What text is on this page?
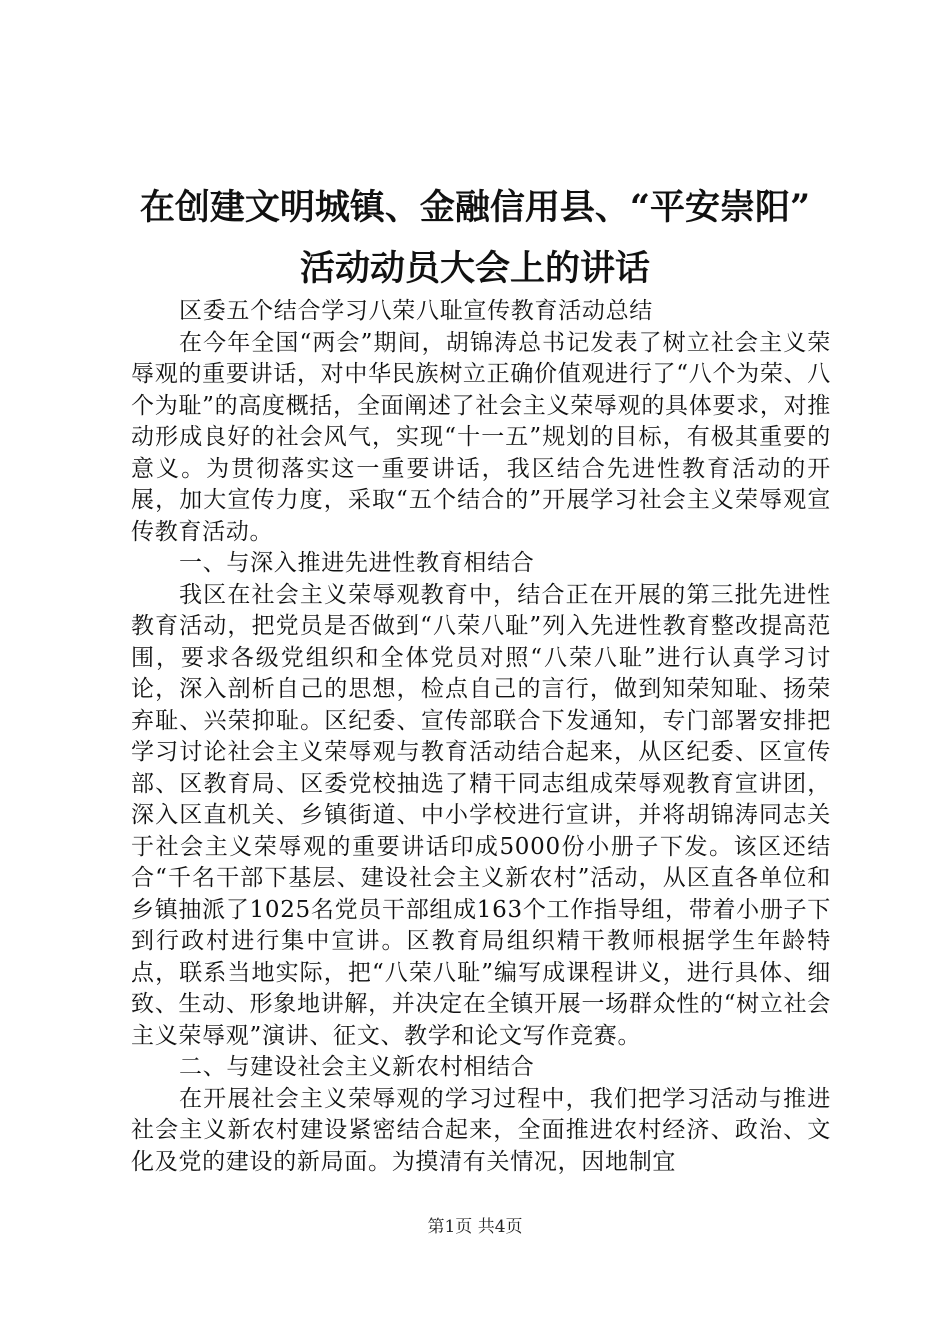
在创建文明城镇、金融信用县、“平安崇阳”
活动动员大会上的讲话

区委五个结合学习八荣八耻宣传教育活动总结

在今年全国“两会”期间，胡锦涛总书记发表了树立社会主义荣辱观的重要讲话，对中华民族树立正确价值观进行了“八个为荣、八个为耻”的高度概括，全面阐述了社会主义荣辱观的具体要求，对推动形成良好的社会风气，实现“十一五”规划的目标，有极其重要的意义。为贯彻落实这一重要讲话，我区结合先进性教育活动的开展，加大宣传力度，采取“五个结合的”开展学习社会主义荣辱观宣传教育活动。

一、与深入推进先进性教育相结合

我区在社会主义荣辱观教育中，结合正在开展的第三批先进性教育活动，把党员是否做到“八荣八耻”列入先进性教育整改提高范围，要求各级党组织和全体党员对照“八荣八耻”进行认真学习讨论，深入剖析自己的思想，检点自己的言行，做到知荣知耻、扬荣弃耻、兴荣抑耻。区纪委、宣传部联合下发通知，专门部署安排把学习讨论社会主义荣辱观与教育活动结合起来，从区纪委、区宣传部、区教育局、区委党校抽选了精干同志组成荣辱观教育宣讲团，深入区直机关、乡镇街道、中小学校进行宣讲，并将胡锦涛同志关于社会主义荣辱观的重要讲话印成5000份小册子下发。该区还结合“千名干部下基层、建设社会主义新农村”活动，从区直各单位和乡镇抽派了1025名党员干部组成163个工作指导组，带着小册子下到行政村进行集中宣讲。区教育局组织精干教师根据学生年龄特点，联系当地实际，把“八荣八耻”编写成课程讲义，进行具体、细致、生动、形象地讲解，并决定在全镇开展一场群众性的“树立社会主义荣辱观”演讲、征文、教学和论文写作竞赛。

二、与建设社会主义新农村相结合

在开展社会主义荣辱观的学习过程中，我们把学习活动与推进社会主义新农村建设紧密结合起来，全面推进农村经济、政治、文化及党的建设的新局面。为摸清有关情况，因地制宜

第1页 共4页
